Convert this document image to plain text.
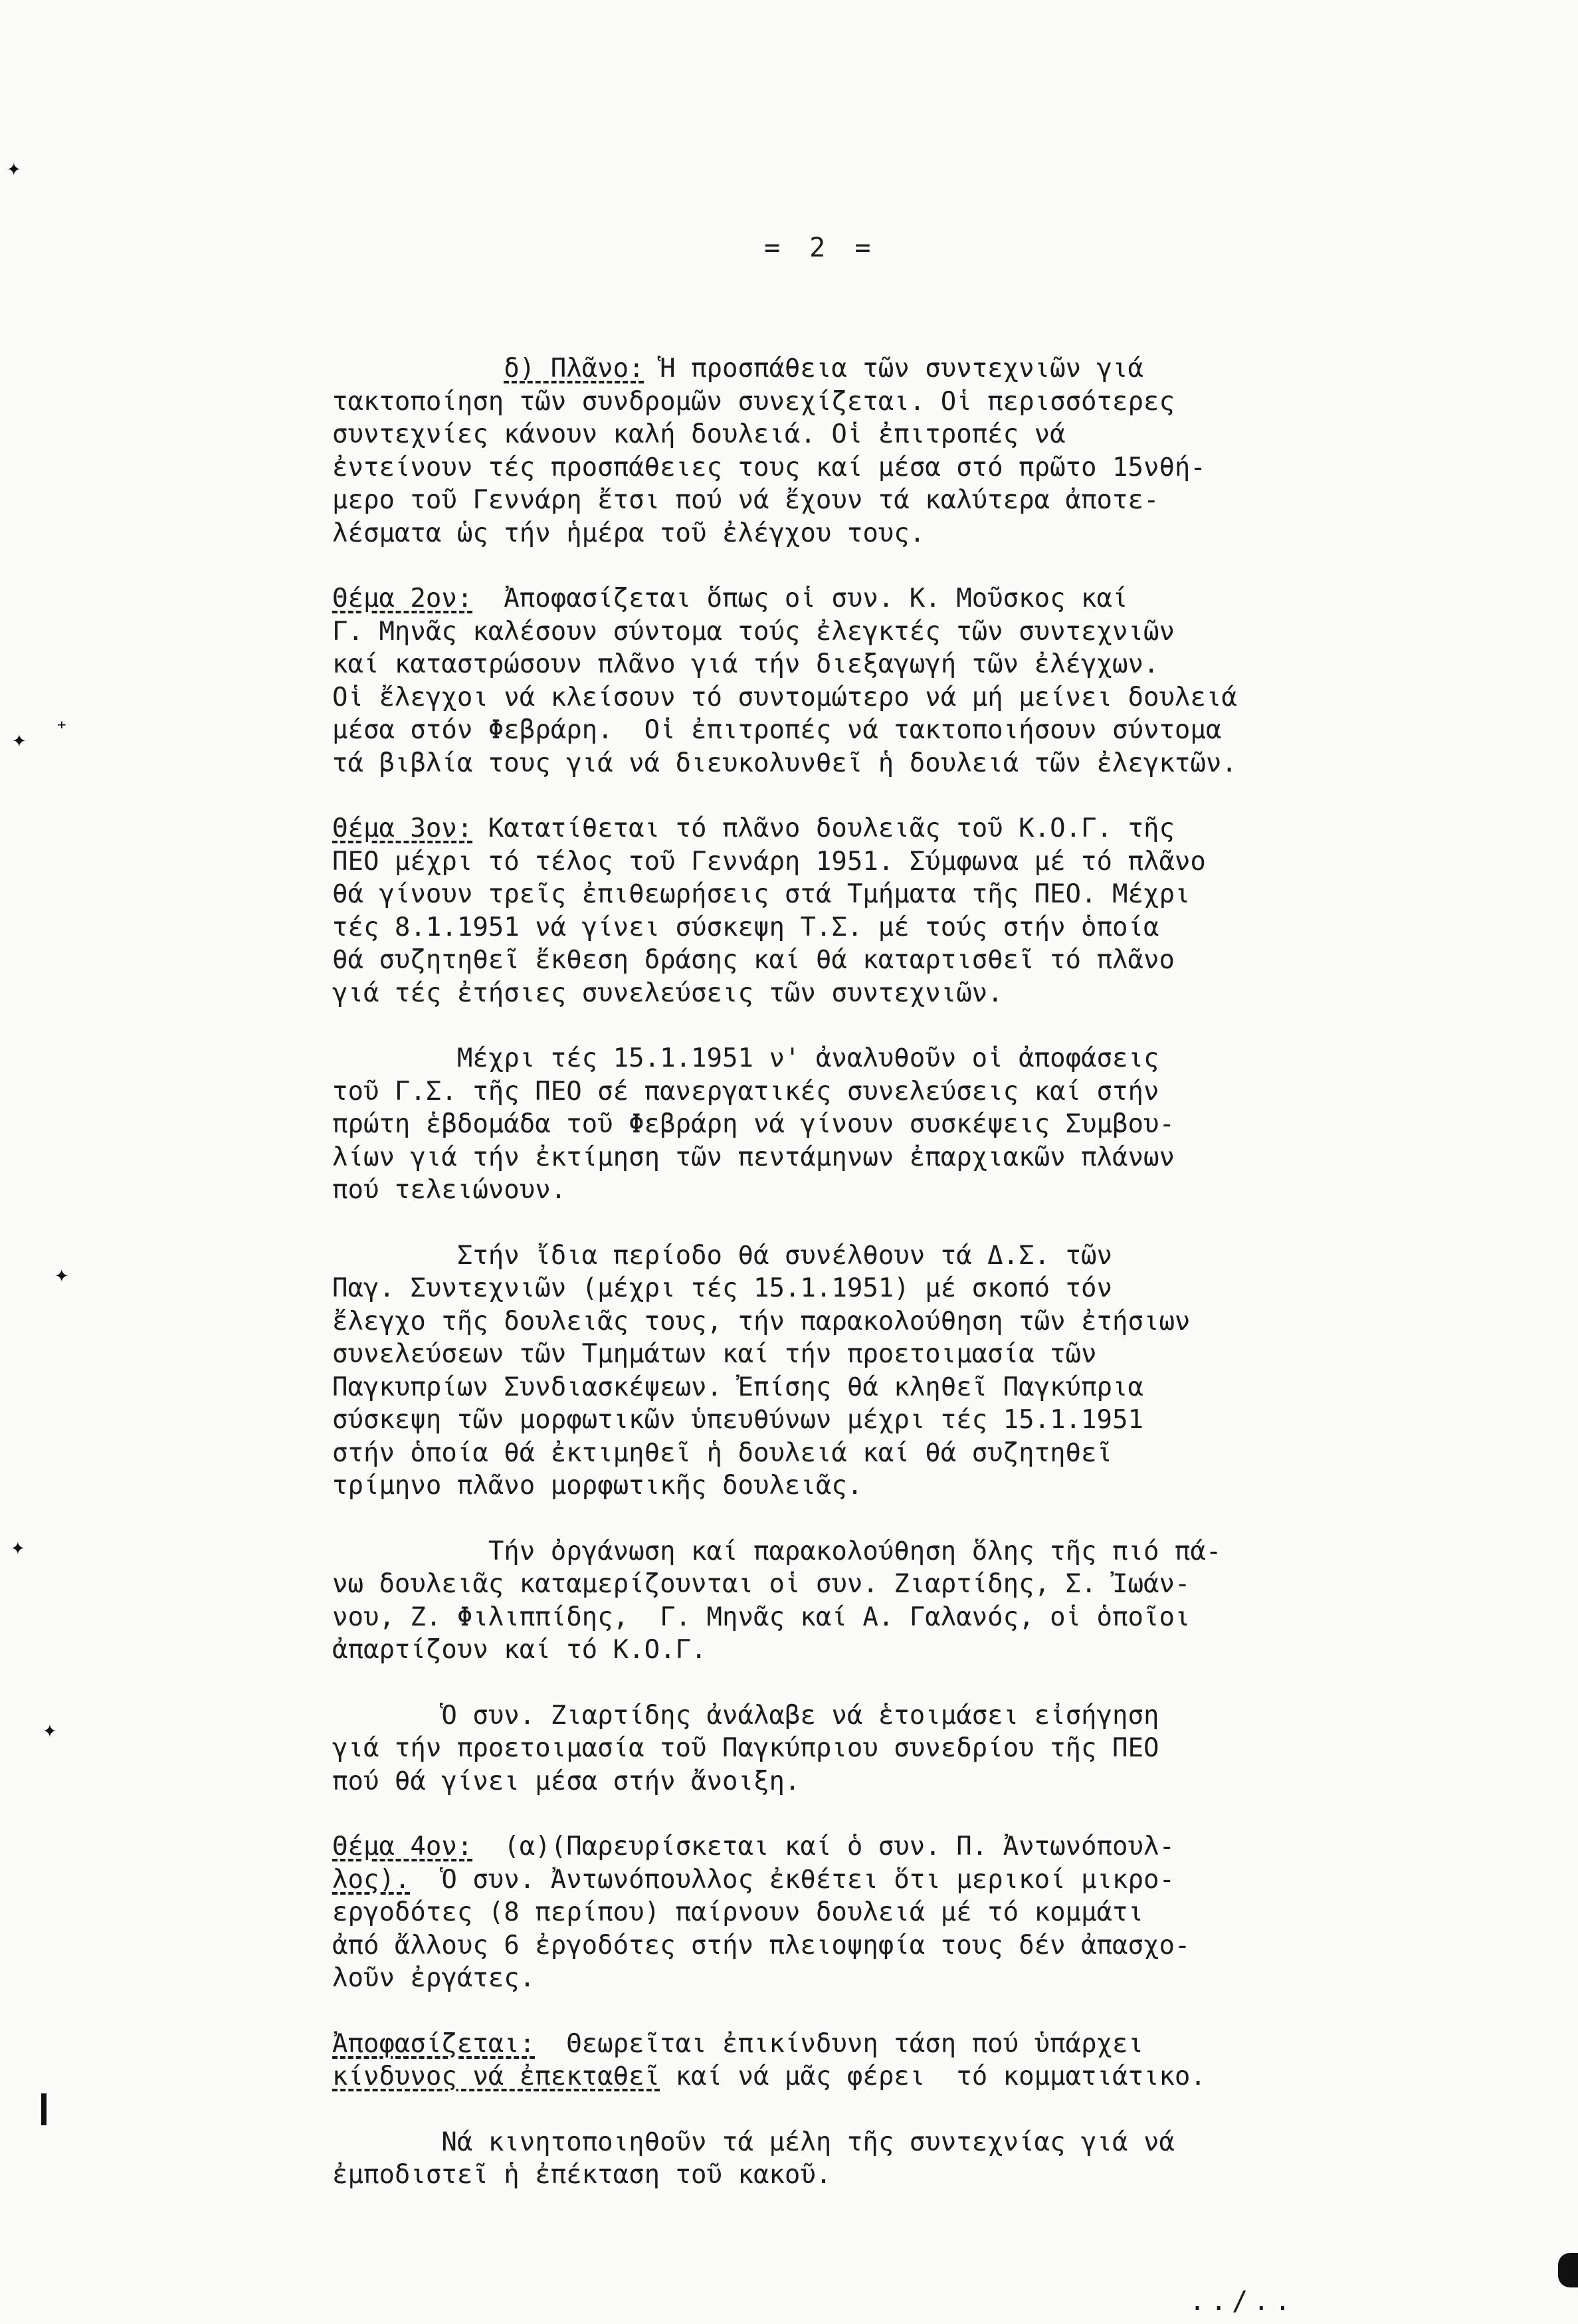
= 2 =
δ) Πλᾶνο: Ἡ προσπάθεια τῶν συντεχνιῶν γιά
τακτοποίηση τῶν συνδρομῶν συνεχίζεται. Οἱ περισσότερες
συντεχνίες κάνουν καλή δουλειά. Οἱ ἐπιτροπές νά
ἐντείνουν τές προσπάθειες τους καί μέσα στό πρῶτο 15νθή-
μερο τοῦ Γεννάρη ἔτσι πού νά ἔχουν τά καλύτερα ἀποτε-
λέσματα ὡς τήν ἡμέρα τοῦ ἐλέγχου τους.
Θέμα 2ον:  Ἀποφασίζεται ὅπως οἱ συν. Κ. Μοῦσκος καί
Γ. Μηνᾶς καλέσουν σύντομα τούς ἐλεγκτές τῶν συντεχνιῶν
καί καταστρώσουν πλᾶνο γιά τήν διεξαγωγή τῶν ἐλέγχων.
Οἱ ἔλεγχοι νά κλείσουν τό συντομώτερο νά μή μείνει δουλειά
μέσα στόν Φεβράρη.  Οἱ ἐπιτροπές νά τακτοποιήσουν σύντομα
τά βιβλία τους γιά νά διευκολυνθεῖ ἡ δουλειά τῶν ἐλεγκτῶν.
Θέμα 3ον: Κατατίθεται τό πλᾶνο δουλειᾶς τοῦ Κ.Ο.Γ. τῆς
ΠΕΟ μέχρι τό τέλος τοῦ Γεννάρη 1951. Σύμφωνα μέ τό πλᾶνο
θά γίνουν τρεῖς ἐπιθεωρήσεις στά Τμήματα τῆς ΠΕΟ. Μέχρι
τές 8.1.1951 νά γίνει σύσκεψη Τ.Σ. μέ τούς στήν ὁποία
θά συζητηθεῖ ἔκθεση δράσης καί θά καταρτισθεῖ τό πλᾶνο
γιά τές ἐτήσιες συνελεύσεις τῶν συντεχνιῶν.
Μέχρι τές 15.1.1951 ν' ἀναλυθοῦν οἱ ἀποφάσεις
τοῦ Γ.Σ. τῆς ΠΕΟ σέ πανεργατικές συνελεύσεις καί στήν
πρώτη ἑβδομάδα τοῦ Φεβράρη νά γίνουν συσκέψεις Συμβου-
λίων γιά τήν ἐκτίμηση τῶν πεντάμηνων ἐπαρχιακῶν πλάνων
πού τελειώνουν.
Στήν ἴδια περίοδο θά συνέλθουν τά Δ.Σ. τῶν
Παγ. Συντεχνιῶν (μέχρι τές 15.1.1951) μέ σκοπό τόν
ἔλεγχο τῆς δουλειᾶς τους, τήν παρακολούθηση τῶν ἐτήσιων
συνελεύσεων τῶν Τμημάτων καί τήν προετοιμασία τῶν
Παγκυπρίων Συνδιασκέψεων. Ἐπίσης θά κληθεῖ Παγκύπρια
σύσκεψη τῶν μορφωτικῶν ὑπευθύνων μέχρι τές 15.1.1951
στήν ὁποία θά ἐκτιμηθεῖ ἡ δουλειά καί θά συζητηθεῖ
τρίμηνο πλᾶνο μορφωτικῆς δουλειᾶς.
Τήν ὀργάνωση καί παρακολούθηση ὅλης τῆς πιό πά-
νω δουλειᾶς καταμερίζουνται οἱ συν. Ζιαρτίδης, Σ. Ἰωάν-
νου, Ζ. Φιλιππίδης,  Γ. Μηνᾶς καί Α. Γαλανός, οἱ ὁποῖοι
ἀπαρτίζουν καί τό Κ.Ο.Γ.
Ὁ συν. Ζιαρτίδης ἀνάλαβε νά ἑτοιμάσει εἰσήγηση
γιά τήν προετοιμασία τοῦ Παγκύπριου συνεδρίου τῆς ΠΕΟ
πού θά γίνει μέσα στήν ἄνοιξη.
Θέμα 4ον:  (α)(Παρευρίσκεται καί ὁ συν. Π. Ἀντωνόπουλ-
λος).  Ὁ συν. Ἀντωνόπουλλος ἐκθέτει ὅτι μερικοί μικρο-
εργοδότες (8 περίπου) παίρνουν δουλειά μέ τό κομμάτι
ἀπό ἄλλους 6 ἐργοδότες στήν πλειοψηφία τους δέν ἀπασχο-
λοῦν ἐργάτες.
Ἀποφασίζεται:  Θεωρεῖται ἐπικίνδυνη τάση πού ὑπάρχει
κίνδυνος νά ἐπεκταθεῖ καί νά μᾶς φέρει  τό κομματιάτικο.
Νά κινητοποιηθοῦν τά μέλη τῆς συντεχνίας γιά νά
ἐμποδιστεῖ ἡ ἐπέκταση τοῦ κακοῦ.
../..
✦
✦ ⁺
✦
✦
✦
